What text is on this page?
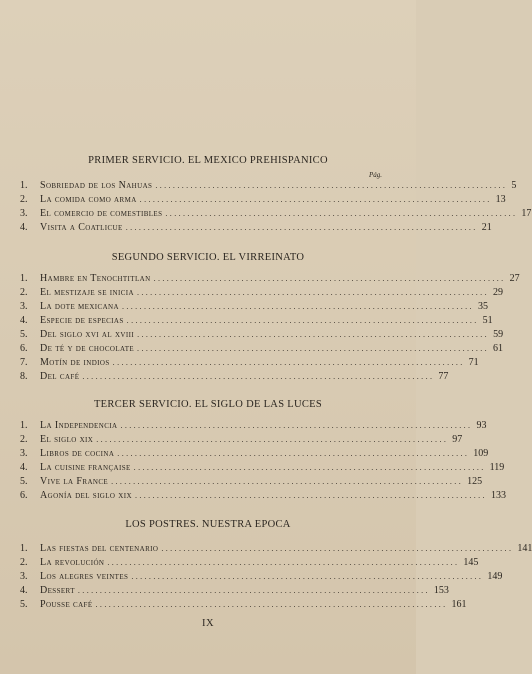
PRIMER SERVICIO. EL MEXICO PREHISPANICO
Pág.
1.	Sobriedad de los Nahuas ................................................................................ 5
2.	La comida como arma ................................................................................ 13
3.	El comercio de comestibles ................................................................................ 17
4.	Visita a Coatlicue ................................................................................ 21
SEGUNDO SERVICIO. EL VIRREINATO
1.	Hambre en Tenochtitlan ................................................................................ 27
2.	El mestizaje se inicia ................................................................................ 29
3.	La dote mexicana ................................................................................ 35
4.	Especie de especias ................................................................................ 51
5.	Del siglo xvi al xviii ................................................................................ 59
6.	De té y de chocolate ................................................................................ 61
7.	Motín de indios ................................................................................ 71
8.	Del café ................................................................................ 77
TERCER SERVICIO. EL SIGLO DE LAS LUCES
1.	La Independencia ................................................................................ 93
2.	El siglo xix ................................................................................ 97
3.	Libros de cocina ................................................................................ 109
4.	La cuisine française ................................................................................ 119
5.	Vive la France ................................................................................ 125
6.	Agonía del siglo xix ................................................................................ 133
LOS POSTRES. NUESTRA EPOCA
1.	Las fiestas del centenario ................................................................................ 141
2.	La revolución ................................................................................ 145
3.	Los alegres veintes ................................................................................ 149
4.	Dessert ................................................................................ 153
5.	Pousse café ................................................................................ 161
IX
